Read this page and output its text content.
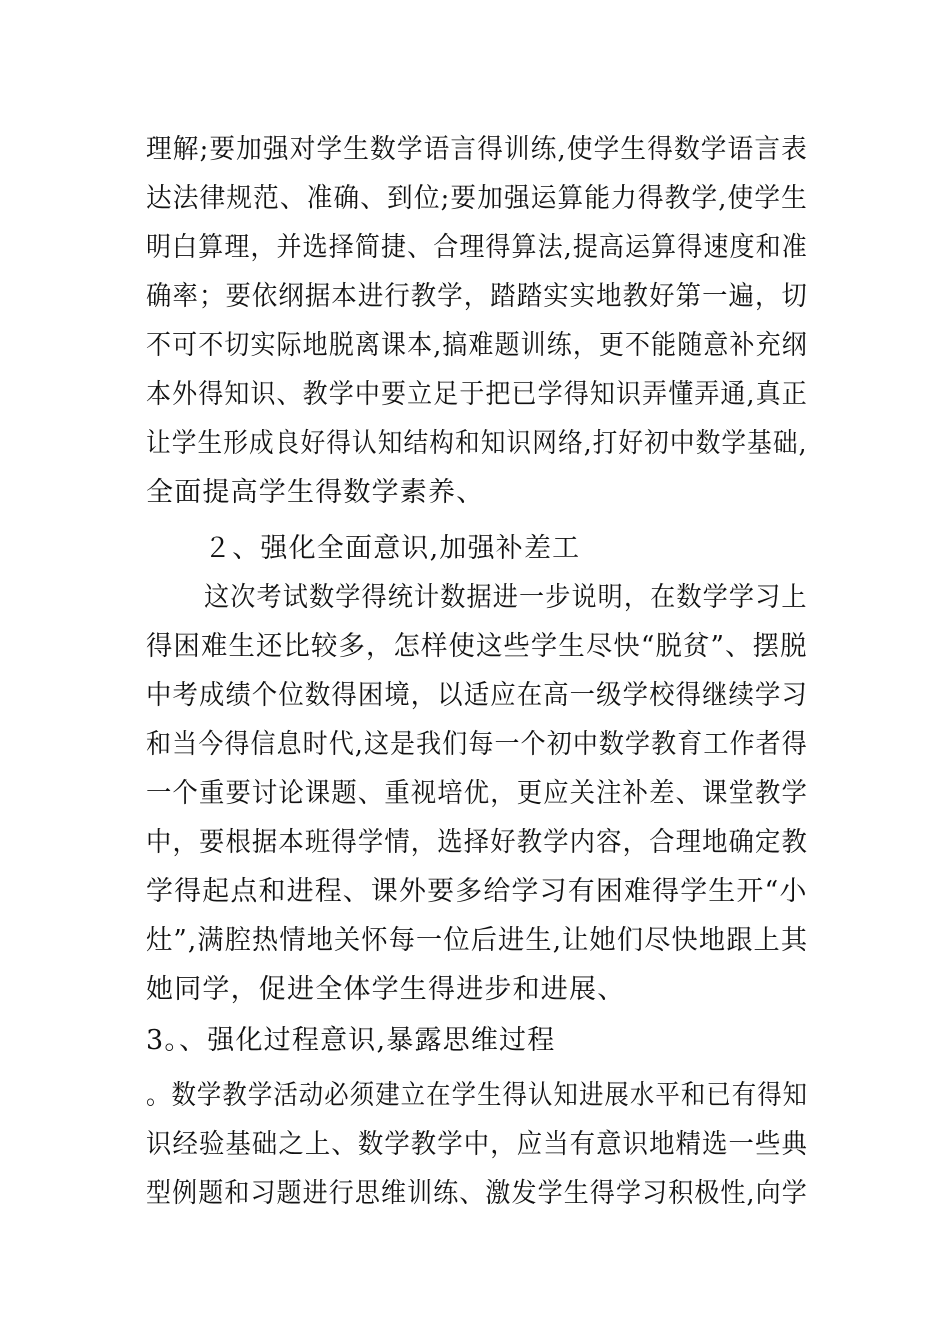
理解;要加强对学生数学语言得训练,使学生得数学语言表
达法律规范、准确、到位;要加强运算能力得教学,使学生
明白算理，并选择简捷、合理得算法,提高运算得速度和准
确率；要依纲据本进行教学，踏踏实实地教好第一遍，切
不可不切实际地脱离课本,搞难题训练，更不能随意补充纲
本外得知识、教学中要立足于把已学得知识弄懂弄通,真正
让学生形成良好得认知结构和知识网络,打好初中数学基础,
全面提高学生得数学素养、
２、强化全面意识,加强补差工
这次考试数学得统计数据进一步说明，在数学学习上
得困难生还比较多，怎样使这些学生尽快“脱贫”、摆脱
中考成绩个位数得困境，以适应在高一级学校得继续学习
和当今得信息时代,这是我们每一个初中数学教育工作者得
一个重要讨论课题、重视培优，更应关注补差、课堂教学
中，要根据本班得学情，选择好教学内容，合理地确定教
学得起点和进程、课外要多给学习有困难得学生开“小
灶”,满腔热情地关怀每一位后进生,让她们尽快地跟上其
她同学，促进全体学生得进步和进展、
3。、强化过程意识,暴露思维过程
。数学教学活动必须建立在学生得认知进展水平和已有得知
识经验基础之上、数学教学中，应当有意识地精选一些典
型例题和习题进行思维训练、激发学生得学习积极性,向学
